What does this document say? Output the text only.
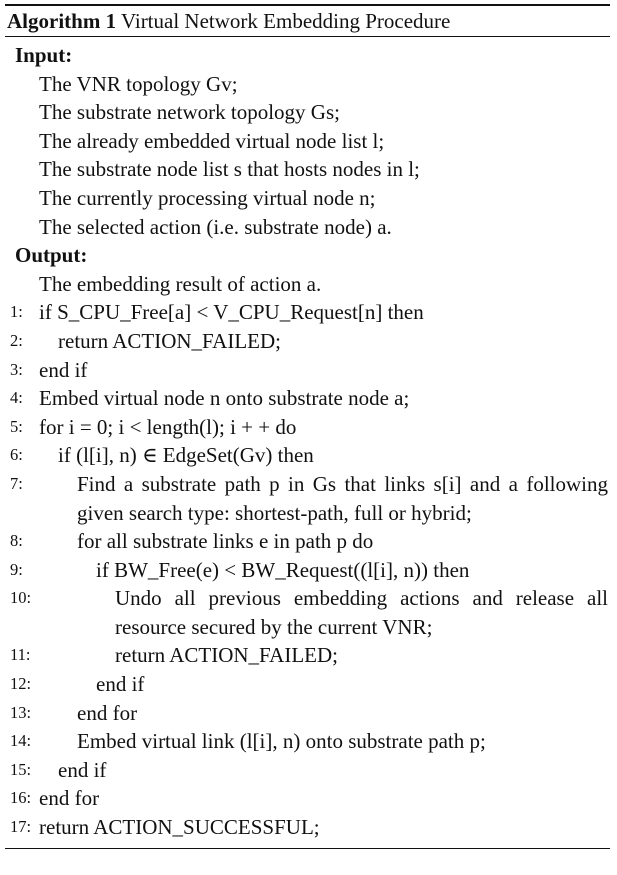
Algorithm 1 Virtual Network Embedding Procedure
Input:
The VNR topology Gv;
The substrate network topology Gs;
The already embedded virtual node list l;
The substrate node list s that hosts nodes in l;
The currently processing virtual node n;
The selected action (i.e. substrate node) a.
Output:
The embedding result of action a.
1: if S_CPU_Free[a] < V_CPU_Request[n] then
2:	return ACTION_FAILED;
3: end if
4: Embed virtual node n onto substrate node a;
5: for i = 0; i < length(l); i + + do
6:	if (l[i], n) ∈ EdgeSet(Gv) then
7:	Find a substrate path p in Gs that links s[i] and a following given search type: shortest-path, full or hybrid;
8:	for all substrate links e in path p do
9:	if BW_Free(e) < BW_Request((l[i], n)) then
10:	Undo all previous embedding actions and release all resource secured by the current VNR;
11:	return ACTION_FAILED;
12:	end if
13:	end for
14:	Embed virtual link (l[i], n) onto substrate path p;
15:	end if
16: end for
17: return ACTION_SUCCESSFUL;
